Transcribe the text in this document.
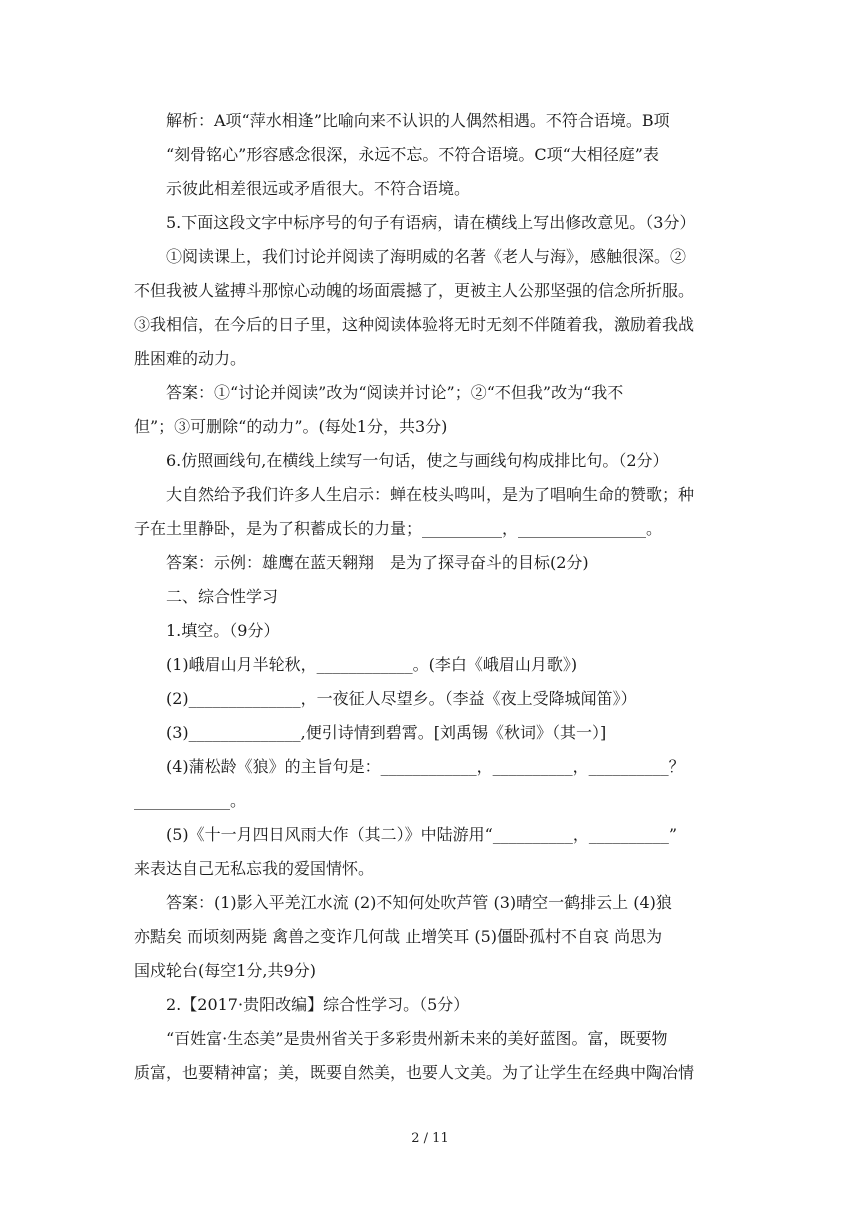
解析：A项“萍水相逢”比喻向来不认识的人偶然相遇。不符合语境。B项
“刻骨铭心”形容感念很深，永远不忘。不符合语境。C项“大相径庭”表
示彼此相差很远或矛盾很大。不符合语境。
5.下面这段文字中标序号的句子有语病，请在横线上写出修改意见。（3分）
①阅读课上，我们讨论并阅读了海明威的名著《老人与海》，感触很深。②
不但我被人鲨搏斗那惊心动魄的场面震撼了，更被主人公那坚强的信念所折服。
③我相信，在今后的日子里，这种阅读体验将无时无刻不伴随着我，激励着我战
胜困难的动力。
答案：①“讨论并阅读”改为“阅读并讨论”；②“不但我”改为“我不
但”；③可删除“的动力”。(每处1分，共3分)
6.仿照画线句,在横线上续写一句话，使之与画线句构成排比句。（2分）
大自然给予我们许多人生启示：蝉在枝头鸣叫，是为了唱响生命的赞歌；种
子在土里静卧，是为了积蓄成长的力量；__________，________________。
答案：示例：雄鹰在蓝天翱翔　是为了探寻奋斗的目标(2分)
二、综合性学习
1.填空。（9分）
(1)峨眉山月半轮秋，____________。(李白《峨眉山月歌》)
(2)______________，一夜征人尽望乡。（李益《夜上受降城闻笛》）
(3)______________,便引诗情到碧霄。[刘禹锡《秋词》（其一）]
(4)蒲松龄《狼》的主旨句是：____________，__________，__________？
____________。
(5)《十一月四日风雨大作（其二）》中陆游用“__________，__________”
来表达自己无私忘我的爱国情怀。
答案：(1)影入平羌江水流 (2)不知何处吹芦管 (3)晴空一鹤排云上 (4)狼
亦黠矣 而顷刻两毙 禽兽之变诈几何哉 止增笑耳 (5)僵卧孤村不自哀 尚思为
国戍轮台(每空1分,共9分)
2.【2017·贵阳改编】综合性学习。（5分）
“百姓富·生态美”是贵州省关于多彩贵州新未来的美好蓝图。富，既要物
质富，也要精神富；美，既要自然美，也要人文美。为了让学生在经典中陶冶情
2 / 11
